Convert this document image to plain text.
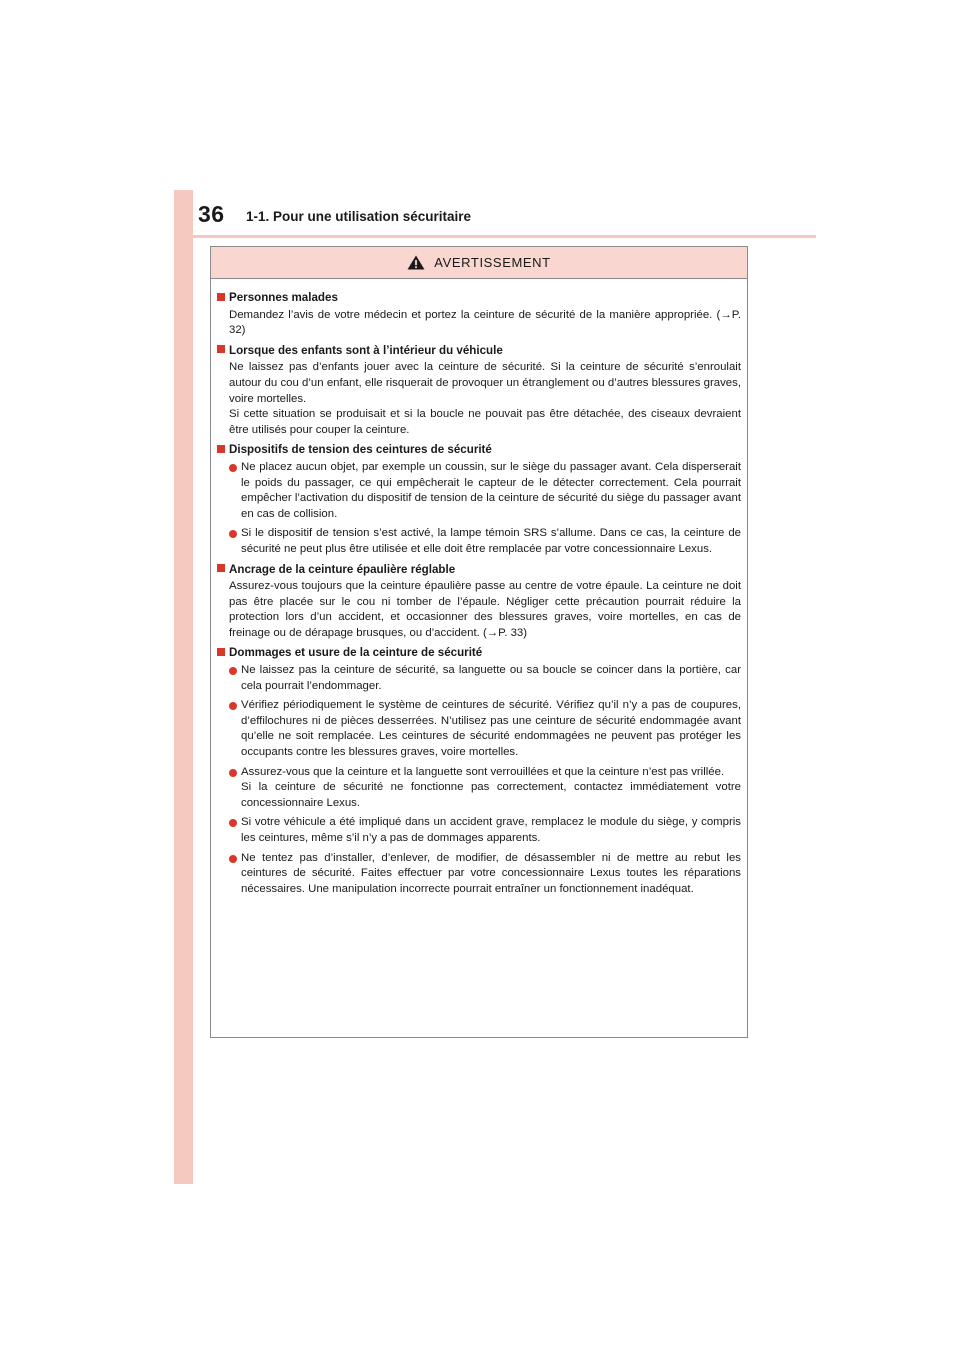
36 1-1. Pour une utilisation sécuritaire
AVERTISSEMENT
Personnes malades
Demandez l’avis de votre médecin et portez la ceinture de sécurité de la manière appropriée. (→P. 32)
Lorsque des enfants sont à l’intérieur du véhicule
Ne laissez pas d’enfants jouer avec la ceinture de sécurité. Si la ceinture de sécurité s’enroulait autour du cou d’un enfant, elle risquerait de provoquer un étranglement ou d’autres blessures graves, voire mortelles.
Si cette situation se produisait et si la boucle ne pouvait pas être détachée, des ciseaux devraient être utilisés pour couper la ceinture.
Dispositifs de tension des ceintures de sécurité
Ne placez aucun objet, par exemple un coussin, sur le siège du passager avant. Cela disperserait le poids du passager, ce qui empêcherait le capteur de le détecter correctement. Cela pourrait empêcher l’activation du dispositif de tension de la ceinture de sécurité du siège du passager avant en cas de collision.
Si le dispositif de tension s’est activé, la lampe témoin SRS s’allume. Dans ce cas, la ceinture de sécurité ne peut plus être utilisée et elle doit être remplacée par votre concessionnaire Lexus.
Ancrage de la ceinture épaulière réglable
Assurez-vous toujours que la ceinture épaulière passe au centre de votre épaule. La ceinture ne doit pas être placée sur le cou ni tomber de l’épaule. Négliger cette précaution pourrait réduire la protection lors d’un accident, et occasionner des blessures graves, voire mortelles, en cas de freinage ou de dérapage brusques, ou d’accident. (→P. 33)
Dommages et usure de la ceinture de sécurité
Ne laissez pas la ceinture de sécurité, sa languette ou sa boucle se coincer dans la portière, car cela pourrait l’endommager.
Vérifiez périodiquement le système de ceintures de sécurité. Vérifiez qu’il n’y a pas de coupures, d’effilochures ni de pièces desserrées. N’utilisez pas une ceinture de sécurité endommagée avant qu’elle ne soit remplacée. Les ceintures de sécurité endommagées ne peuvent pas protéger les occupants contre les blessures graves, voire mortelles.
Assurez-vous que la ceinture et la languette sont verrouillées et que la ceinture n’est pas vrillée.
Si la ceinture de sécurité ne fonctionne pas correctement, contactez immédiatement votre concessionnaire Lexus.
Si votre véhicule a été impliqué dans un accident grave, remplacez le module du siège, y compris les ceintures, même s’il n’y a pas de dommages apparents.
Ne tentez pas d’installer, d’enlever, de modifier, de désassembler ni de mettre au rebut les ceintures de sécurité. Faites effectuer par votre concessionnaire Lexus toutes les réparations nécessaires. Une manipulation incorrecte pourrait entraîner un fonctionnement inadéquat.
